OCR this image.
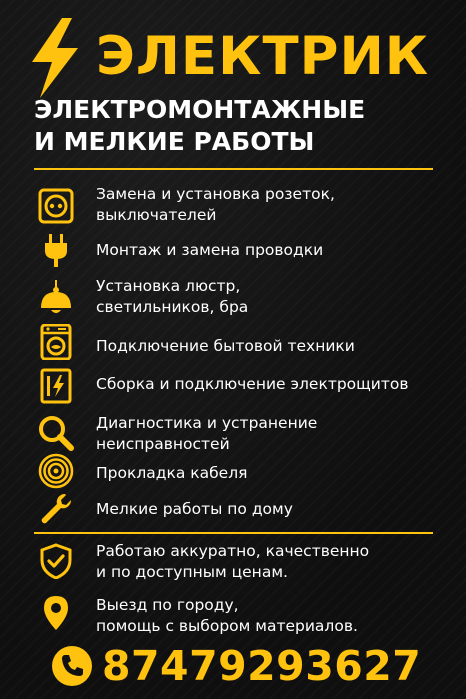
ЭЛЕКТРИК
ЭЛЕКТРОМОНТАЖНЫЕ
И МЕЛКИЕ РАБОТЫ
Замена и установка розеток,
выключателей
Монтаж и замена проводки
Установка люстр,
светильников, бра
Подключение бытовой техники
Сборка и подключение электрощитов
Диагностика и устранение
неисправностей
Прокладка кабеля
Мелкие работы по дому
Работаю аккуратно, качественно
и по доступным ценам.
Выезд по городу,
помощь с выбором материалов.
87479293627
